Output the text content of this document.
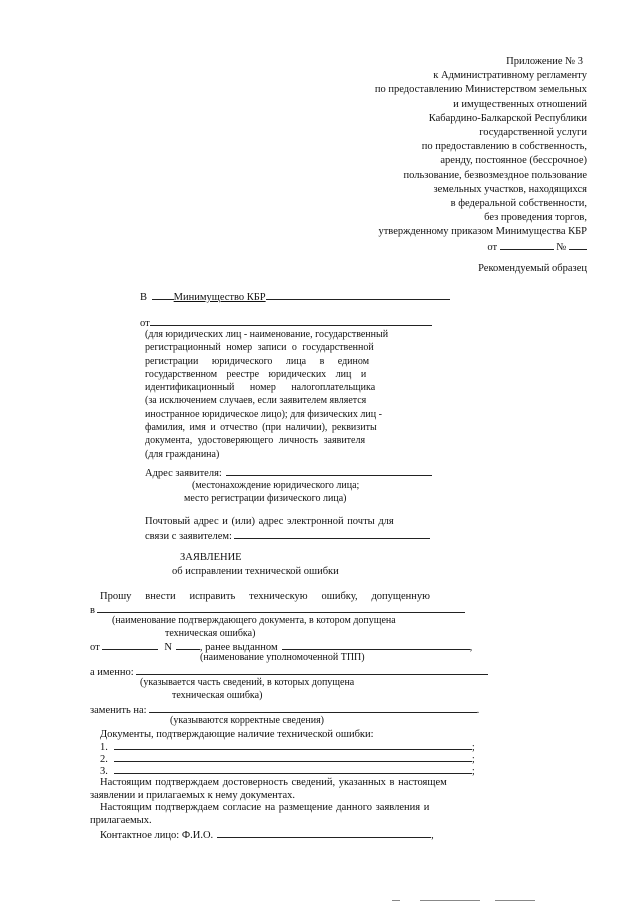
Приложение № 3
к Административному регламенту
по предоставлению Министерством земельных
и имущественных отношений
Кабардино-Балкарской Республики
государственной услуги
по предоставлению в собственность,
аренду, постоянное (бессрочное)
пользование, безвозмездное пользование
земельных участков, находящихся
в федеральной собственности,
без проведения торгов,
утвержденному приказом Минимущества КБР
от	№
Рекомендуемый образец
В	Минимущество КБР
от
(для юридических лиц - наименование, государственный
регистрационный номер записи о государственной
регистрации юридического лица в едином
государственном реестре юридических лиц и
идентификационный номер налогоплательщика
(за исключением случаев, если заявителем является
иностранное юридическое лицо); для физических лиц -
фамилия, имя и отчество (при наличии), реквизиты
документа, удостоверяющего личность заявителя
(для гражданина)
Адрес заявителя:
(местонахождение юридического лица;
место регистрации физического лица)
Почтовый адрес и (или) адрес электронной почты для
связи с заявителем:
ЗАЯВЛЕНИЕ
об исправлении технической ошибки
Прошу внести исправить техническую ошибку, допущенную
в
(наименование подтверждающего документа, в котором допущена
техническая ошибка)
от	N	, ранее выданном	,
(наименование уполномоченной ТПП)
а именно:
(указывается часть сведений, в которых допущена
техническая ошибка)
заменить на:	.
(указываются корректные сведения)
Документы, подтверждающие наличие технической ошибки:
1.	;
2.	;
3.	;
Настоящим подтверждаем достоверность сведений, указанных в настоящем
заявлении и прилагаемых к нему документах.
Настоящим подтверждаем согласие на размещение данного заявления и
прилагаемых.
Контактное лицо: Ф.И.О.	,
